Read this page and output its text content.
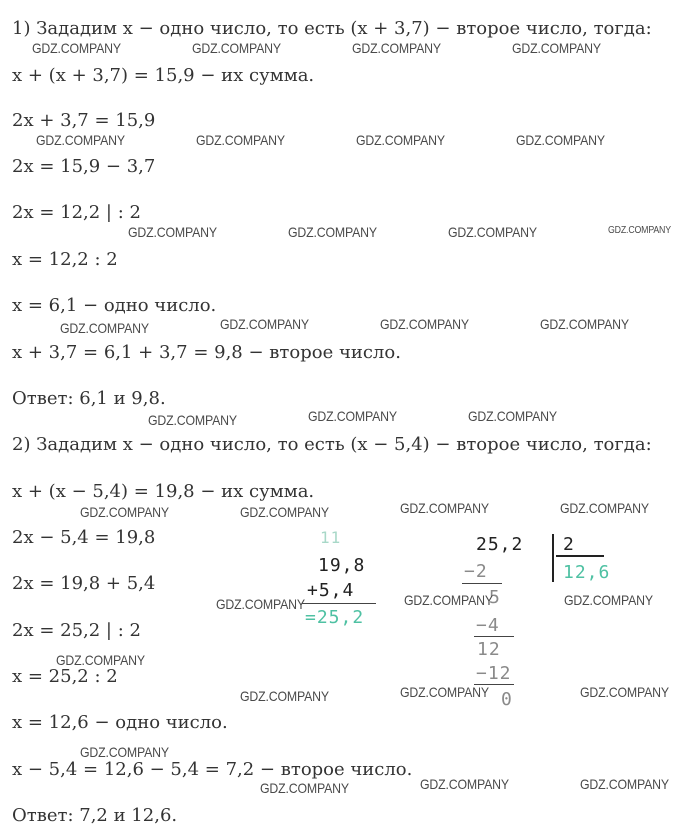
1) Зададим x − одно число, то есть (x + 3,7) − второе число, тогда:
x + (x + 3,7) = 15,9 − их сумма.
2x + 3,7 = 15,9
2x = 15,9 − 3,7
2x = 12,2 | : 2
x = 12,2 : 2
x = 6,1 − одно число.
x + 3,7 = 6,1 + 3,7 = 9,8 − второе число.
Ответ: 6,1 и 9,8.
2) Зададим x − одно число, то есть (x − 5,4) − второе число, тогда:
x + (x − 5,4) = 19,8 − их сумма.
2x − 5,4 = 19,8
2x = 19,8 + 5,4
2x = 25,2 | : 2
x = 25,2 : 2
x = 12,6 − одно число.
x − 5,4 = 12,6 − 5,4 = 7,2 − второе число.
Ответ: 7,2 и 12,6.
11
19,8
+5,4
=25,2
25,2 2
12,6
−2
5
−4
12
−12
0
GDZ.COMPANY	GDZ.COMPANY	GDZ.COMPANY	GDZ.COMPANY
GDZ.COMPANY	GDZ.COMPANY	GDZ.COMPANY	GDZ.COMPANY
GDZ.COMPANY	GDZ.COMPANY	GDZ.COMPANY	GDZ.COMPANY
GDZ.COMPANY	GDZ.COMPANY	GDZ.COMPANY	GDZ.COMPANY
GDZ.COMPANY	GDZ.COMPANY	GDZ.COMPANY
GDZ.COMPANY	GDZ.COMPANY	GDZ.COMPANY	GDZ.COMPANY
GDZ.COMPANY	GDZ.COMPANY	GDZ.COMPANY
GDZ.COMPANY
GDZ.COMPANY	GDZ.COMPANY	GDZ.COMPANY
GDZ.COMPANY
GDZ.COMPANY	GDZ.COMPANY	GDZ.COMPANY
